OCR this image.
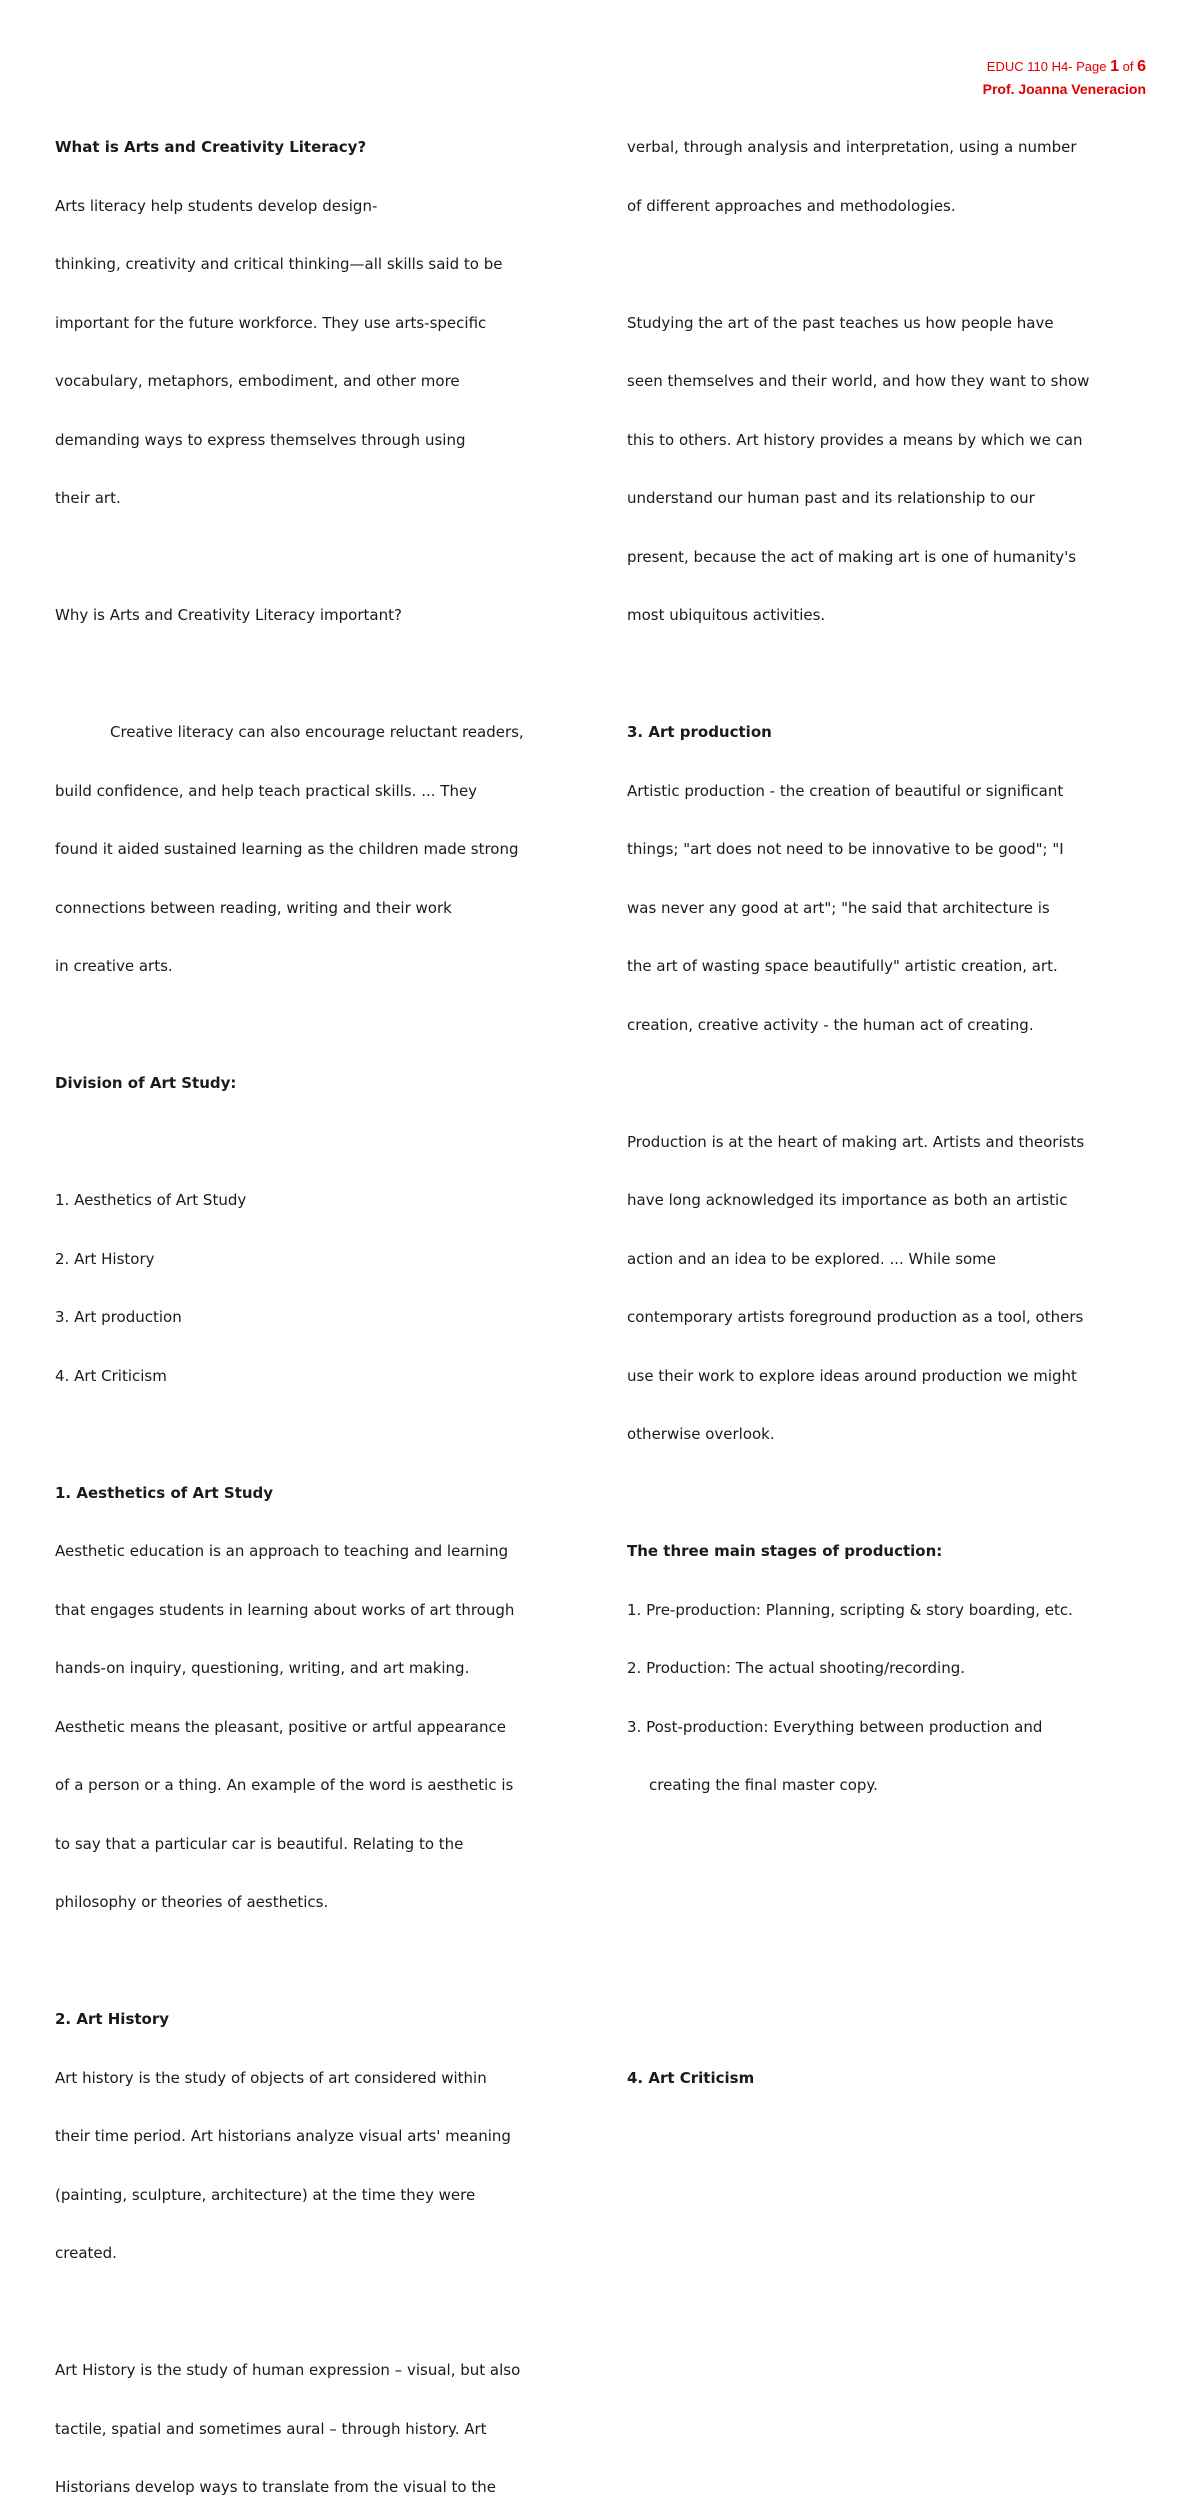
EDUC 110 H4- Page 1 of 6
Prof. Joanna Veneracion

What is Arts and Creativity Literacy?

Arts literacy help students develop design-

thinking, creativity and critical thinking—all skills said to be

important for the future workforce. They use arts-specific

vocabulary, metaphors, embodiment, and other more

demanding ways to express themselves through using

their art.

Why is Arts and Creativity Literacy important?

Creative literacy can also encourage reluctant readers,

build confidence, and help teach practical skills. ... They

found it aided sustained learning as the children made strong

connections between reading, writing and their work

in creative arts.

Division of Art Study:

1. Aesthetics of Art Study

2. Art History

3. Art production

4. Art Criticism

1. Aesthetics of Art Study

Aesthetic education is an approach to teaching and learning

that engages students in learning about works of art through

hands-on inquiry, questioning, writing, and art making.

Aesthetic means the pleasant, positive or artful appearance

of a person or a thing. An example of the word is aesthetic is

to say that a particular car is beautiful. Relating to the

philosophy or theories of aesthetics.

2. Art History

Art history is the study of objects of art considered within

their time period. Art historians analyze visual arts' meaning

(painting, sculpture, architecture) at the time they were

created.

Art History is the study of human expression – visual, but also

tactile, spatial and sometimes aural – through history. Art

Historians develop ways to translate from the visual to the

verbal, through analysis and interpretation, using a number

of different approaches and methodologies.

Studying the art of the past teaches us how people have

seen themselves and their world, and how they want to show

this to others. Art history provides a means by which we can

understand our human past and its relationship to our

present, because the act of making art is one of humanity's

most ubiquitous activities.

3. Art production

Artistic production - the creation of beautiful or significant

things; "art does not need to be innovative to be good"; "I

was never any good at art"; "he said that architecture is

the art of wasting space beautifully" artistic creation, art.

creation, creative activity - the human act of creating.

Production is at the heart of making art. Artists and theorists

have long acknowledged its importance as both an artistic

action and an idea to be explored. ... While some

contemporary artists foreground production as a tool, others

use their work to explore ideas around production we might

otherwise overlook.

The three main stages of production:

1. Pre-production: Planning, scripting & story boarding, etc.

2. Production: The actual shooting/recording.

3. Post-production: Everything between production and

creating the final master copy.

4. Art Criticism
